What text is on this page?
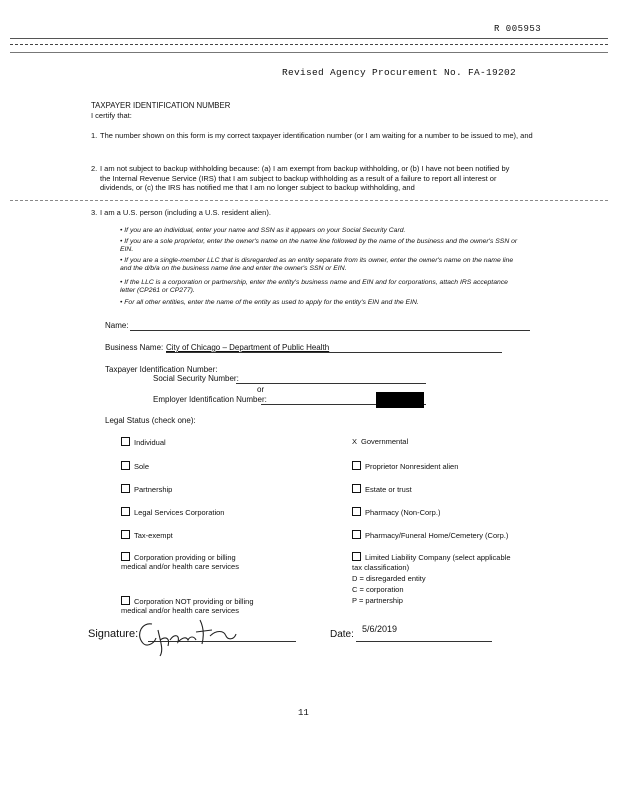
R 005953
Revised Agency Procurement No. FA-19202
TAXPAYER IDENTIFICATION NUMBER
I certify that:
1. The number shown on this form is my correct taxpayer identification number (or I am waiting for a number to be issued to me), and
2. I am not subject to backup withholding because: (a) I am exempt from backup withholding, or (b) I have not been notified by the Internal Revenue Service (IRS) that I am subject to backup withholding as a result of a failure to report all interest or dividends, or (c) the IRS has notified me that I am no longer subject to backup withholding, and
3. I am a U.S. person (including a U.S. resident alien).
• If you are an individual, enter your name and SSN as it appears on your Social Security Card.
• If you are a sole proprietor, enter the owner's name on the name line followed by the name of the business and the owner's SSN or EIN.
• If you are a single-member LLC that is disregarded as an entity separate from its owner, enter the owner's name on the name line and the d/b/a on the business name line and enter the owner's SSN or EIN.
• If the LLC is a corporation or partnership, enter the entity's business name and EIN and for corporations, attach IRS acceptance letter (CP261 or CP277).
• For all other entities, enter the name of the entity as used to apply for the entity's EIN and the EIN.
Name:
Business Name: City of Chicago – Department of Public Health
Taxpayer Identification Number:
Social Security Number:
or
Employer Identification Number:
Legal Status (check one):
Individual
Sole
Partnership
Legal Services Corporation
Tax-exempt
Corporation providing or billing
medical and/or health care services
Corporation NOT providing or billing
medical and/or health care services
X Governmental
Proprietor Nonresident alien
Estate or trust
Pharmacy (Non-Corp.)
Pharmacy/Funeral Home/Cemetery (Corp.)
Limited Liability Company (select applicable
tax classification)
D = disregarded entity
C = corporation
P = partnership
Signature:	Date: 5/6/2019
11
